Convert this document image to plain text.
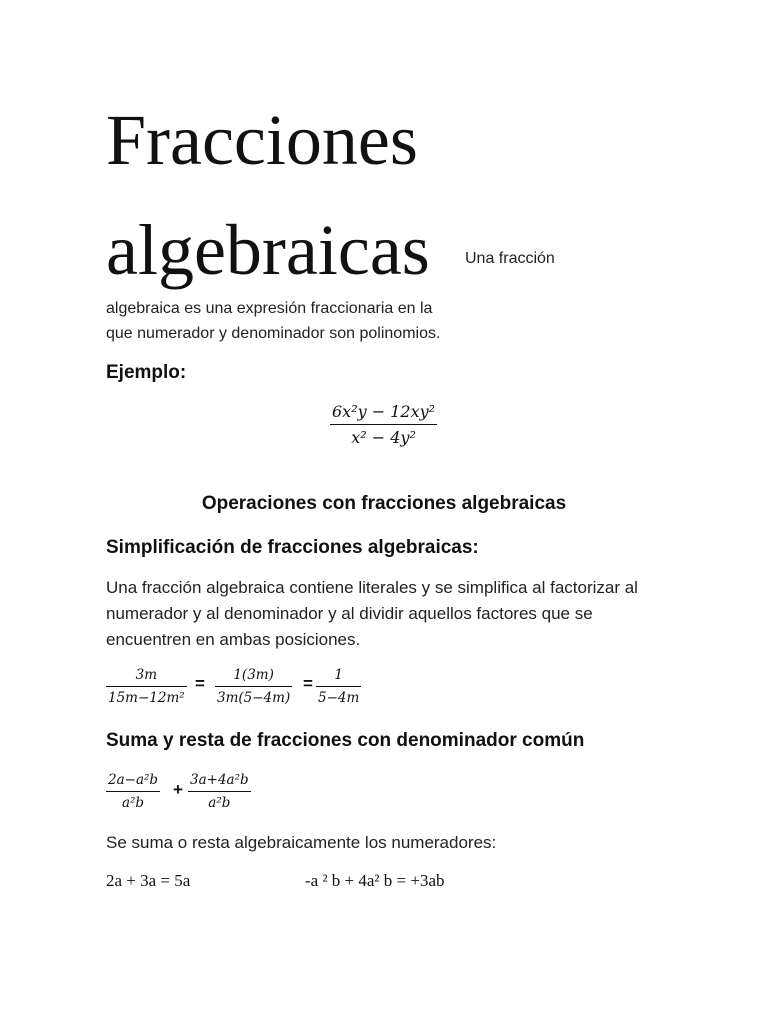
Fracciones
algebraicas Una fracción
algebraica es una expresión fraccionaria en la
que numerador y denominador son polinomios.
Ejemplo:
6x²y − 12xy²
x² − 4y²
Operaciones con fracciones algebraicas
Simplificación de fracciones algebraicas:
Una fracción algebraica contiene literales y se simplifica al factorizar al numerador y al denominador y al dividir aquellos factores que se encuentren en ambas posiciones.
3m
15m−12m²
= 1(3m)
3m(5−4m)
= 1
5−4m
Suma y resta de fracciones con denominador común
2a−a²b
a²b
+ 3a+4a²b
a²b
Se suma o resta algebraicamente los numeradores:
2a + 3a = 5a	-a ² b + 4a² b = +3ab
